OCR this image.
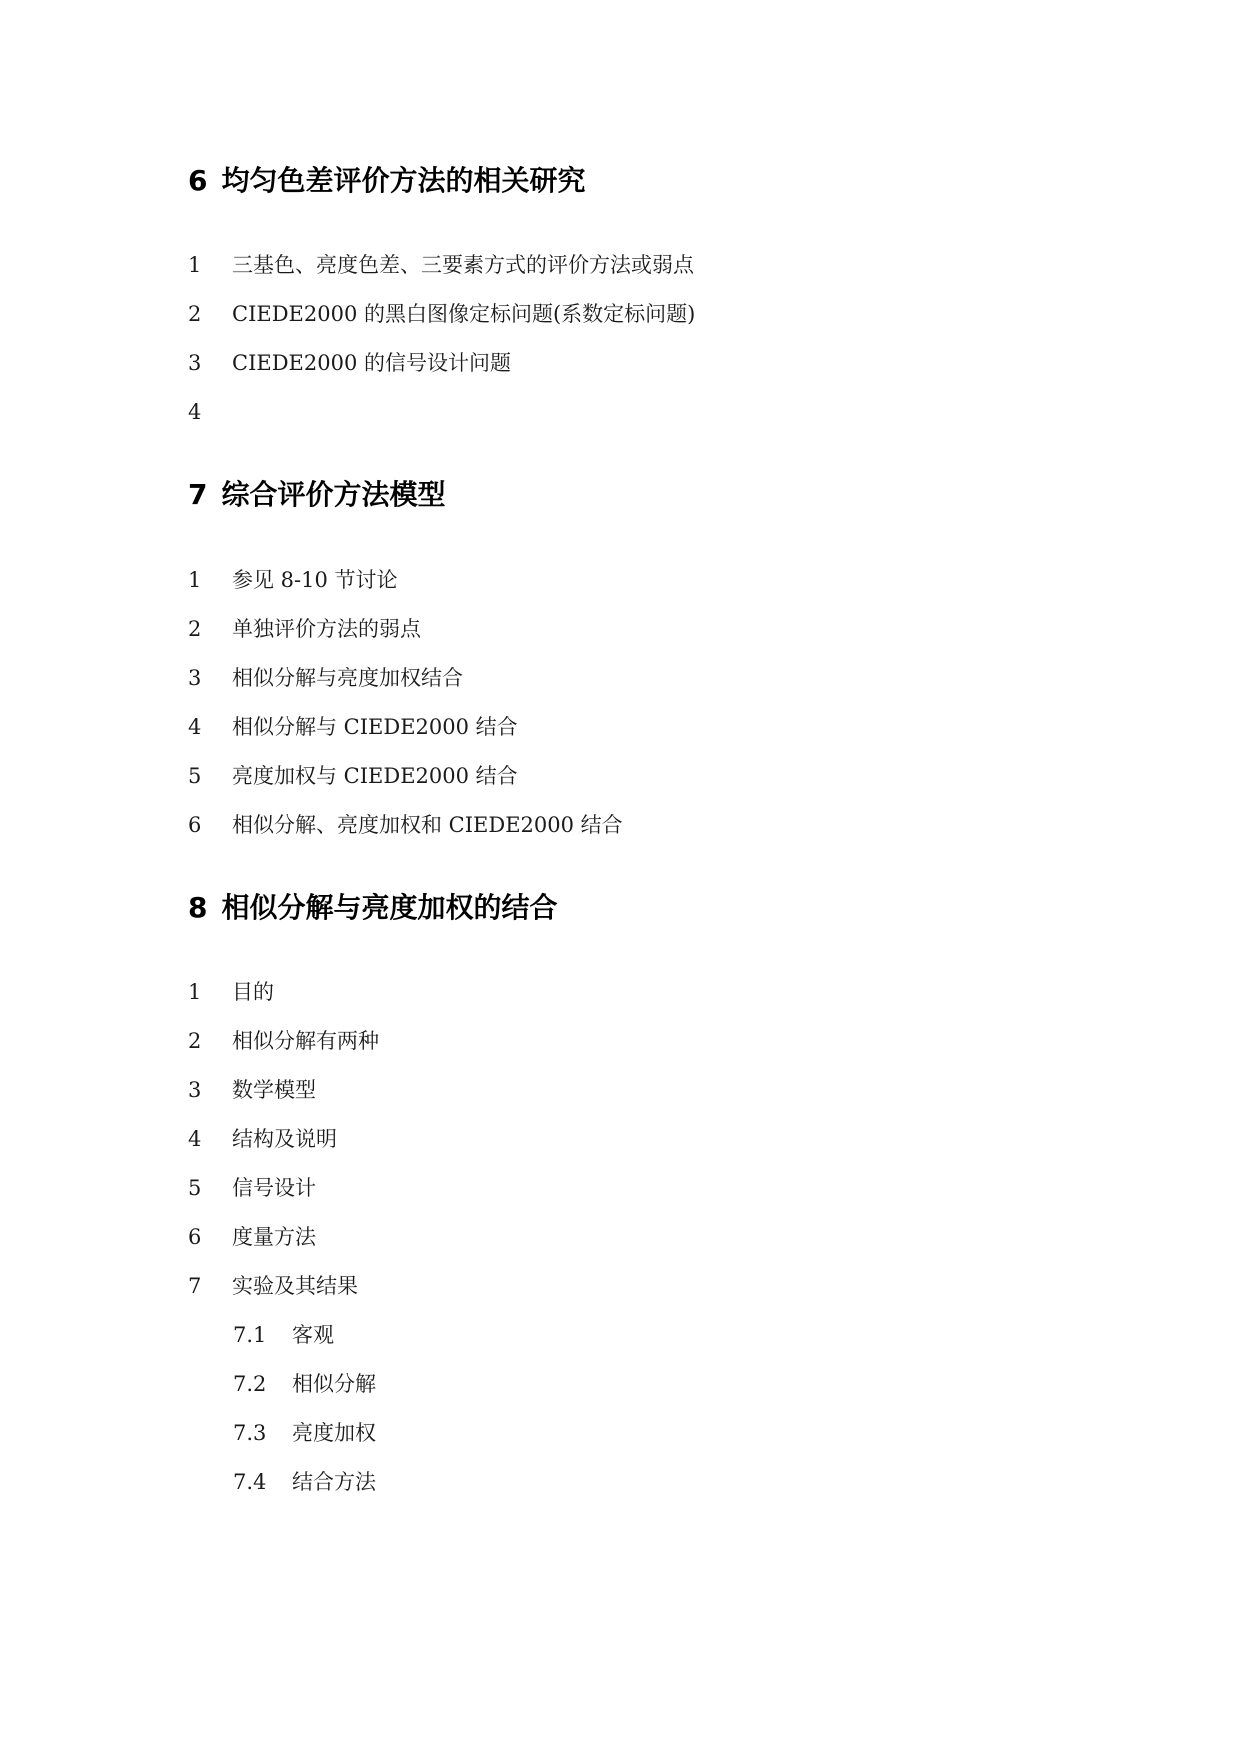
6 均匀色差评价方法的相关研究
1 三基色、亮度色差、三要素方式的评价方法或弱点
2 CIEDE2000 的黑白图像定标问题(系数定标问题)
3 CIEDE2000 的信号设计问题
4
7 综合评价方法模型
1 参见 8-10 节讨论
2 单独评价方法的弱点
3 相似分解与亮度加权结合
4 相似分解与 CIEDE2000 结合
5 亮度加权与 CIEDE2000 结合
6 相似分解、亮度加权和 CIEDE2000 结合
8 相似分解与亮度加权的结合
1 目的
2 相似分解有两种
3 数学模型
4 结构及说明
5 信号设计
6 度量方法
7 实验及其结果
7.1 客观
7.2 相似分解
7.3 亮度加权
7.4 结合方法
